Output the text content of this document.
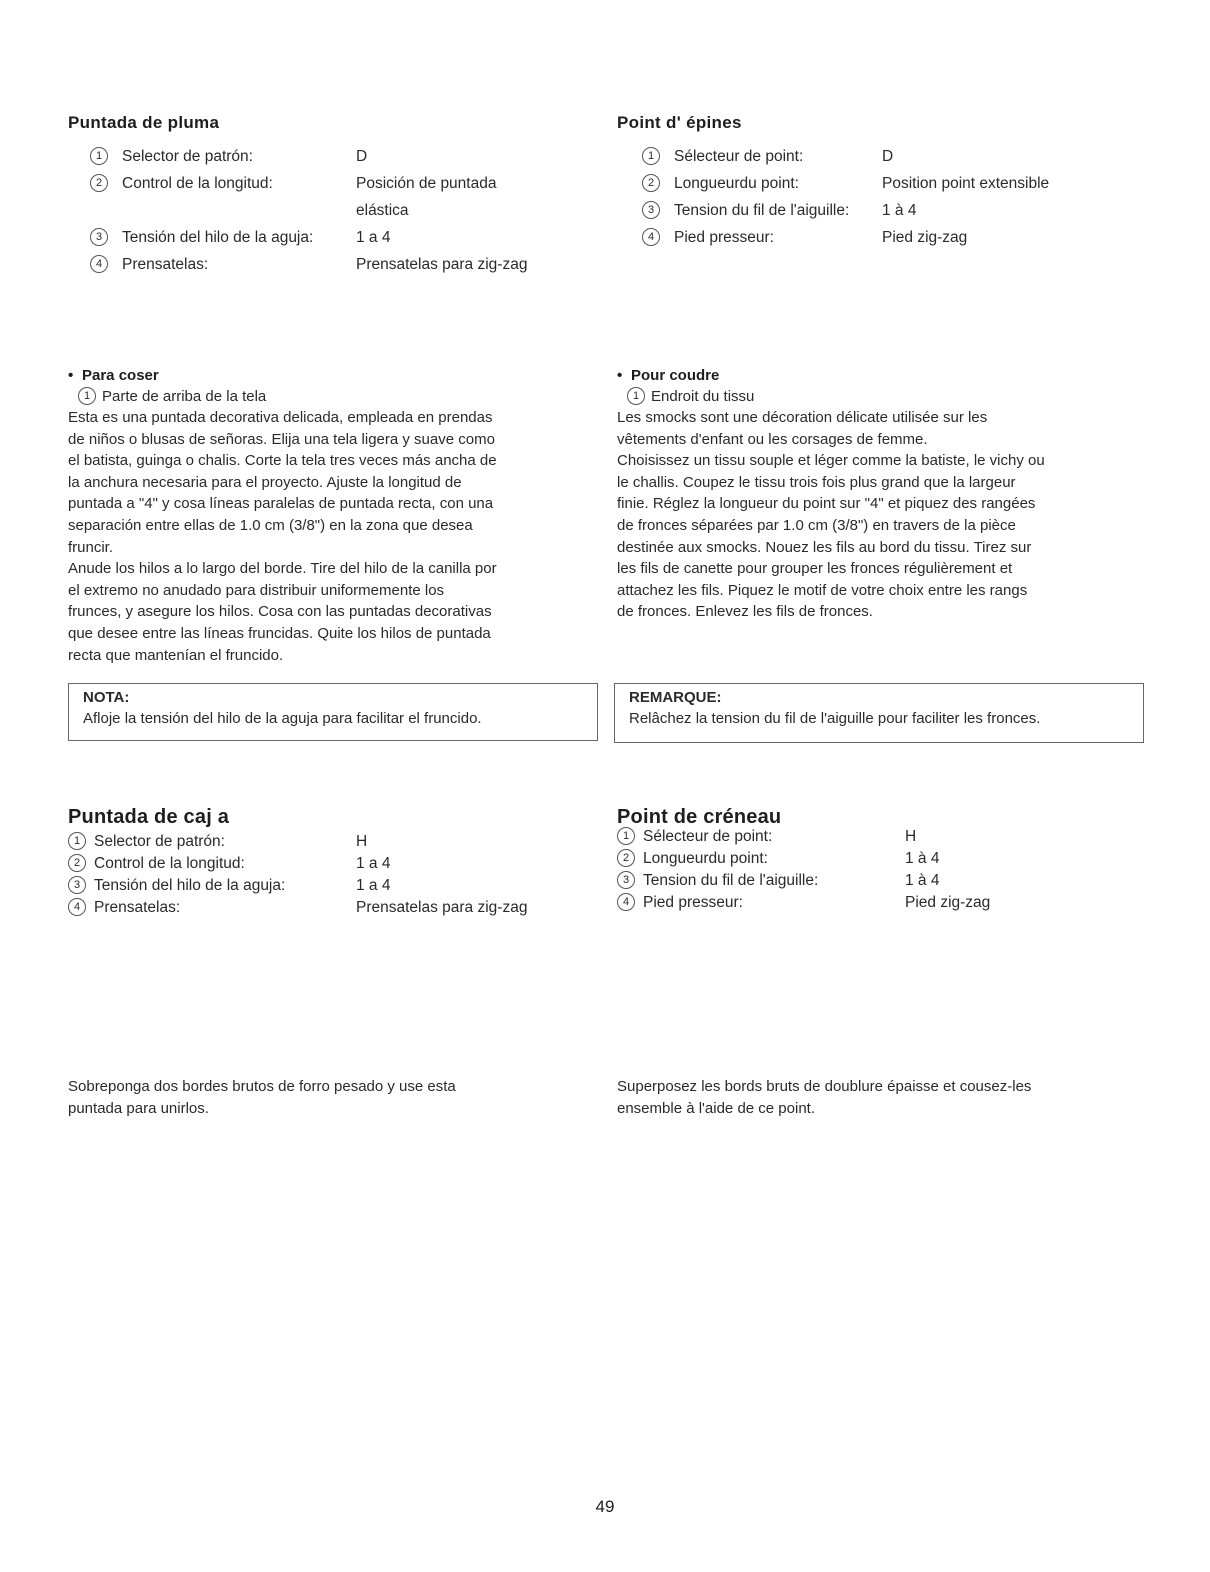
Puntada de pluma
1 Selector de patrón:	D
2 Control de la longitud:	Posición de puntada
elástica
3 Tensión del hilo de la aguja:	1 a 4
4 Prensatelas:	Prensatelas para zig-zag
Point d' épines
1 Sélecteur de point:	D
2 Longueurdu point:	Position point extensible
3 Tension du fil de l'aiguille: 1 à 4
4 Pied presseur:	Pied zig-zag
• Para coser
1 Parte de arriba de la tela

Esta es una puntada decorativa delicada, empleada en prendas

de niños o blusas de señoras. Elija una tela ligera y suave como

el batista, guinga o chalis. Corte la tela tres veces más ancha de

la anchura necesaria para el proyecto. Ajuste la longitud de

puntada a "4" y cosa líneas paralelas de puntada recta, con una

separación entre ellas de 1.0 cm (3/8") en la zona que desea

fruncir.

Anude los hilos a lo largo del borde. Tire del hilo de la canilla por

el extremo no anudado para distribuir uniformemente los

frunces, y asegure los hilos. Cosa con las puntadas decorativas

que desee entre las líneas fruncidas. Quite los hilos de puntada

recta que mantenían el fruncido.

NOTA:
Afloje la tensión del hilo de la aguja para facilitar el fruncido.
• Pour coudre
1 Endroit du tissu

Les smocks sont une décoration délicate utilisée sur les

vêtements d'enfant ou les corsages de femme.

Choisissez un tissu souple et léger comme la batiste, le vichy ou

le challis. Coupez le tissu trois fois plus grand que la largeur

finie. Réglez la longueur du point sur "4" et piquez des rangées

de fronces séparées par 1.0 cm (3/8") en travers de la pièce

destinée aux smocks. Nouez les fils au bord du tissu. Tirez sur

les fils de canette pour grouper les fronces régulièrement et

attachez les fils. Piquez le motif de votre choix entre les rangs

de fronces. Enlevez les fils de fronces.

REMARQUE:
Relâchez la tension du fil de l'aiguille pour faciliter les fronces.
Puntada de caj a
1 Selector de patrón:	H
2 Control de la longitud:	1 a 4
3 Tensión del hilo de la aguja:	1 a 4
4 Prensatelas:	Prensatelas para zig-zag
Point de créneau
1 Sélecteur de point:	H
2 Longueurdu point:	1 à 4
3 Tension du fil de l'aiguille:	1 à 4
4 Pied presseur:	Pied zig-zag

Sobreponga dos bordes brutos de forro pesado y use esta

puntada para unirlos.

Superposez les bords bruts de doublure épaisse et cousez-les

ensemble à l'aide de ce point.

49
